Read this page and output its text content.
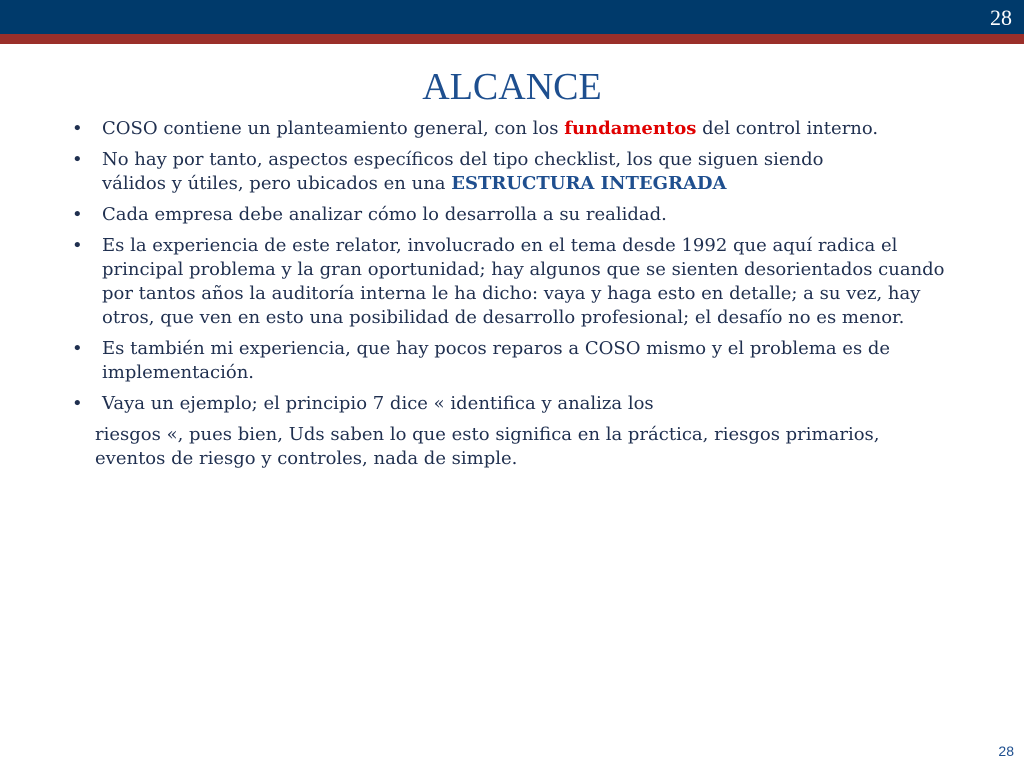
28
ALCANCE
•	COSO contiene un planteamiento general, con los fundamentos del control interno.
•	No hay por tanto, aspectos específicos del tipo checklist, los que siguen siendo
válidos y útiles, pero ubicados en una ESTRUCTURA INTEGRADA
•	Cada empresa debe analizar cómo lo desarrolla a su realidad.
•	Es la experiencia de este relator, involucrado en el tema desde 1992 que aquí radica el principal problema y la gran oportunidad; hay algunos que se sienten desorientados cuando por tantos años la auditoría interna le ha dicho: vaya y haga esto en detalle; a su vez, hay otros, que ven en esto una posibilidad de desarrollo profesional; el desafío no es menor.
•	Es también mi experiencia, que hay pocos reparos a COSO mismo y el problema es de implementación.
•	Vaya un ejemplo; el principio 7 dice « identifica y analiza los
riesgos «, pues bien, Uds saben lo que esto significa en la práctica, riesgos primarios,
eventos de riesgo y controles, nada de simple.
28
